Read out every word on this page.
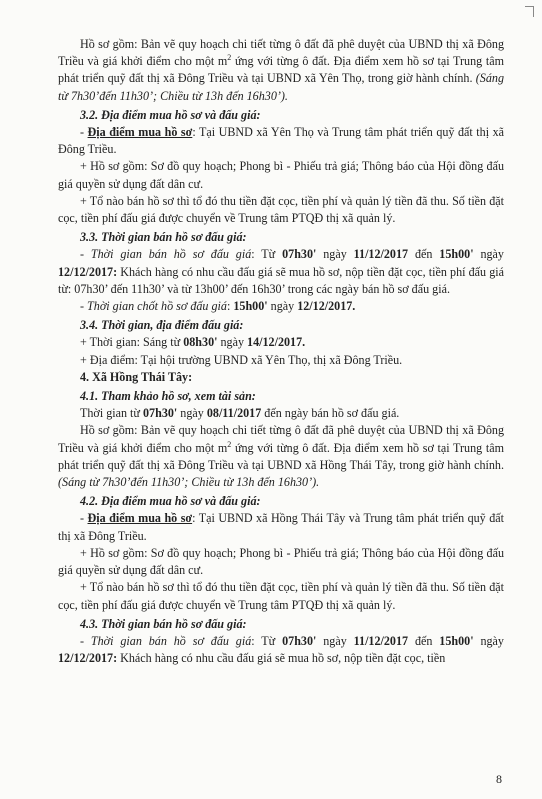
Hồ sơ gồm: Bản vẽ quy hoạch chi tiết từng ô đất đã phê duyệt của UBND thị xã Đông Triều và giá khởi điểm cho một $m^2$ ứng với từng ô đất. Địa điểm xem hồ sơ tại Trung tâm phát triển quỹ đất thị xã Đông Triều và tại UBND xã Yên Thọ, trong giờ hành chính. (Sáng từ 7h30’đến 11h30’; Chiều từ 13h đến 16h30’).

3.2. Địa điểm mua hồ sơ và đấu giá:

- Địa điểm mua hồ sơ: Tại UBND xã Yên Thọ và Trung tâm phát triển quỹ đất thị xã Đông Triều.

+ Hồ sơ gồm: Sơ đồ quy hoạch; Phong bì - Phiếu trả giá; Thông báo của Hội đồng đấu giá quyền sử dụng đất dân cư.

+ Tổ nào bán hồ sơ thì tổ đó thu tiền đặt cọc, tiền phí và quản lý tiền đã thu. Số tiền đặt cọc, tiền phí đấu giá được chuyển về Trung tâm PTQĐ thị xã quản lý.

3.3. Thời gian bán hồ sơ đấu giá:

- Thời gian bán hồ sơ đấu giá: Từ 07h30' ngày 11/12/2017 đến 15h00' ngày 12/12/2017: Khách hàng có nhu cầu đấu giá sẽ mua hồ sơ, nộp tiền đặt cọc, tiền phí đấu giá từ: 07h30’ đến 11h30’ và từ 13h00’ đến 16h30’ trong các ngày bán hồ sơ đấu giá.

- Thời gian chốt hồ sơ đấu giá: 15h00' ngày 12/12/2017.

3.4. Thời gian, địa điểm đấu giá:

+ Thời gian: Sáng từ 08h30' ngày 14/12/2017.

+ Địa điểm: Tại hội trường UBND xã Yên Thọ, thị xã Đông Triều.

4. Xã Hồng Thái Tây:

4.1. Tham khảo hồ sơ, xem tài sản:

Thời gian từ 07h30' ngày 08/11/2017 đến ngày bán hồ sơ đấu giá.

Hồ sơ gồm: Bản vẽ quy hoạch chi tiết từng ô đất đã phê duyệt của UBND thị xã Đông Triều và giá khởi điểm cho một $m^2$ ứng với từng ô đất. Địa điểm xem hồ sơ tại Trung tâm phát triển quỹ đất thị xã Đông Triều và tại UBND xã Hồng Thái Tây, trong giờ hành chính. (Sáng từ 7h30’đến 11h30’; Chiều từ 13h đến 16h30’).

4.2. Địa điểm mua hồ sơ và đấu giá:

- Địa điểm mua hồ sơ: Tại UBND xã Hồng Thái Tây và Trung tâm phát triển quỹ đất thị xã Đông Triều.

+ Hồ sơ gồm: Sơ đồ quy hoạch; Phong bì - Phiếu trả giá; Thông báo của Hội đồng đấu giá quyền sử dụng đất dân cư.

+ Tổ nào bán hồ sơ thì tổ đó thu tiền đặt cọc, tiền phí và quản lý tiền đã thu. Số tiền đặt cọc, tiền phí đấu giá được chuyển về Trung tâm PTQĐ thị xã quản lý.

4.3. Thời gian bán hồ sơ đấu giá:

- Thời gian bán hồ sơ đấu giá: Từ 07h30' ngày 11/12/2017 đến 15h00' ngày 12/12/2017: Khách hàng có nhu cầu đấu giá sẽ mua hồ sơ, nộp tiền đặt cọc, tiền

8
